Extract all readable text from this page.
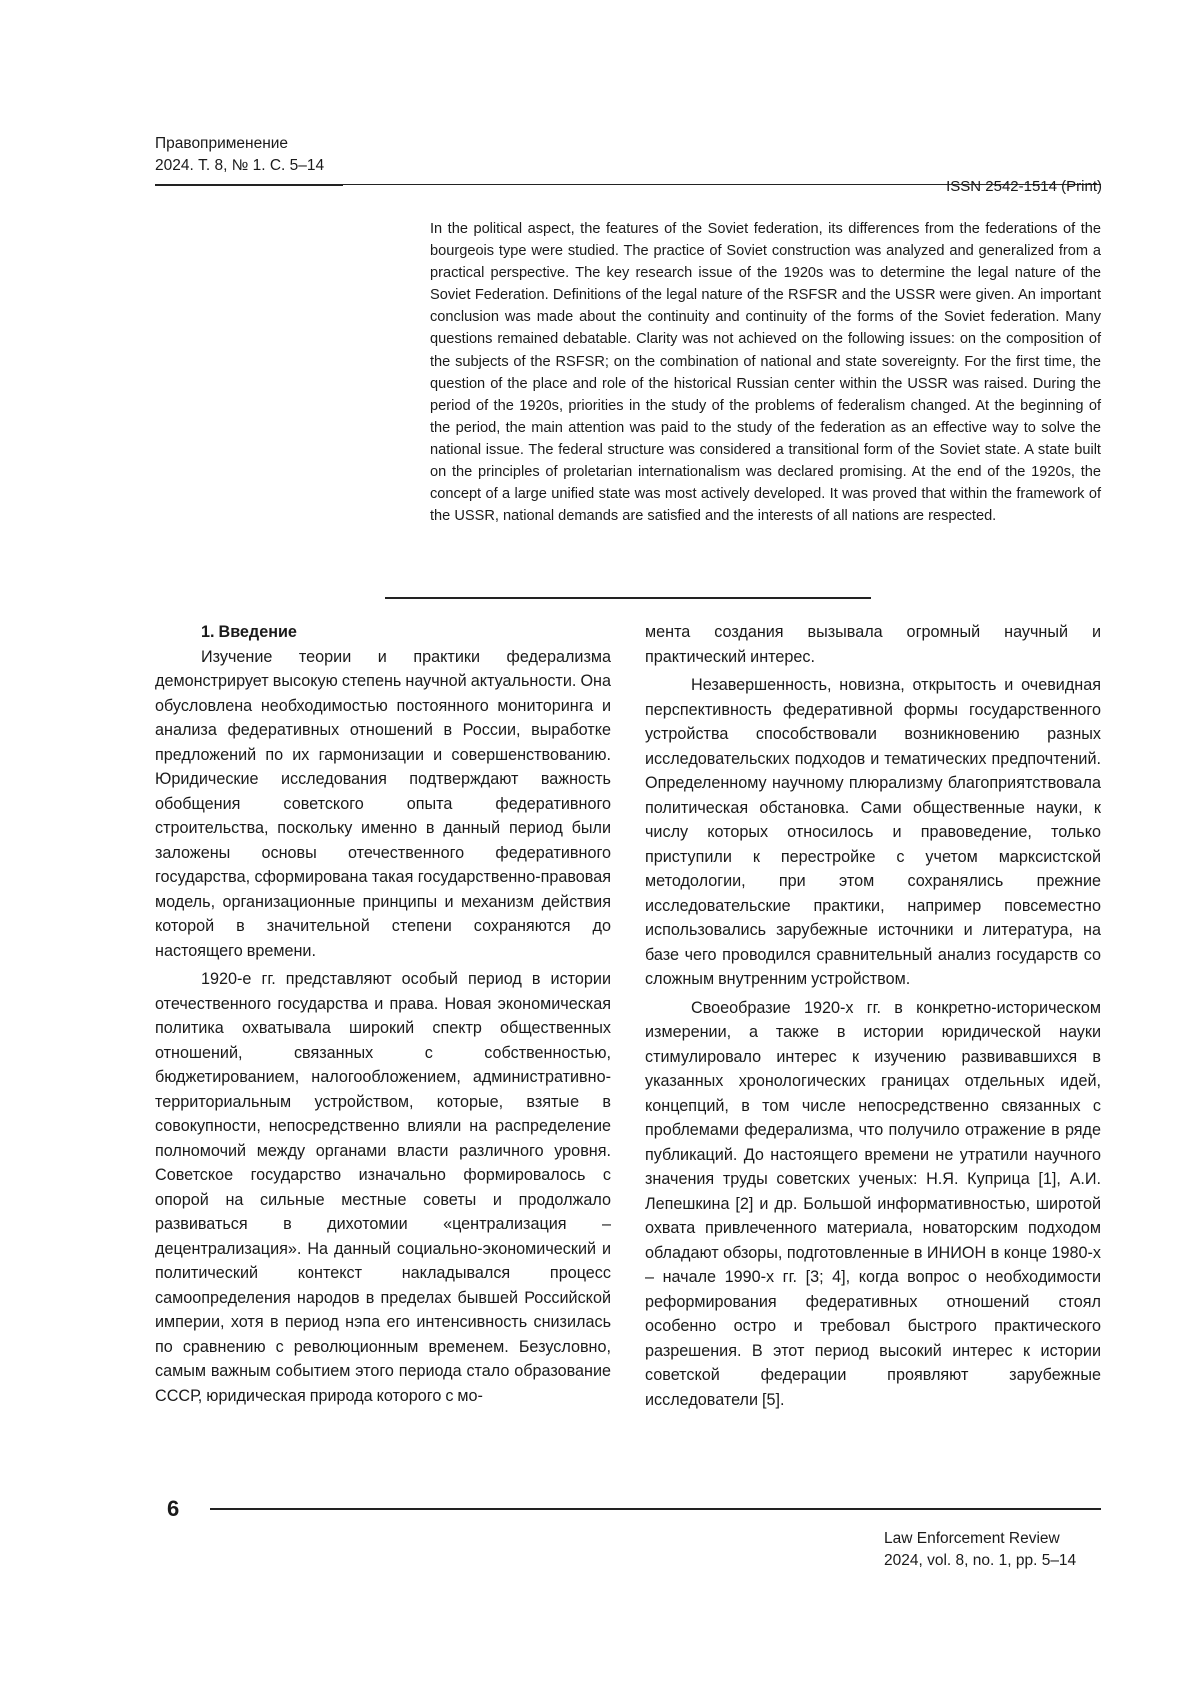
Правоприменение
2024. Т. 8, № 1. С. 5–14
ISSN 2542-1514 (Print)

In the political aspect, the features of the Soviet federation, its differences from the federations of the bourgeois type were studied. The practice of Soviet construction was analyzed and generalized from a practical perspective. The key research issue of the 1920s was to determine the legal nature of the Soviet Federation. Definitions of the legal nature of the RSFSR and the USSR were given. An important conclusion was made about the continuity and continuity of the forms of the Soviet federation. Many questions remained debatable. Clarity was not achieved on the following issues: on the composition of the subjects of the RSFSR; on the combination of national and state sovereignty. For the first time, the question of the place and role of the historical Russian center within the USSR was raised. During the period of the 1920s, priorities in the study of the problems of federalism changed. At the beginning of the period, the main attention was paid to the study of the federation as an effective way to solve the national issue. The federal structure was considered a transitional form of the Soviet state. A state built on the principles of proletarian internationalism was declared promising. At the end of the 1920s, the concept of a large unified state was most actively developed. It was proved that within the framework of the USSR, national demands are satisfied and the interests of all nations are respected.

1. Введение

Изучение теории и практики федерализма демонстрирует высокую степень научной актуальности. Она обусловлена необходимостью постоянного мониторинга и анализа федеративных отношений в России, выработке предложений по их гармонизации и совершенствованию. Юридические исследования подтверждают важность обобщения советского опыта федеративного строительства, поскольку именно в данный период были заложены основы отечественного федеративного государства, сформирована такая государственно-правовая модель, организационные принципы и механизм действия которой в значительной степени сохраняются до настоящего времени.

1920-е гг. представляют особый период в истории отечественного государства и права. Новая экономическая политика охватывала широкий спектр общественных отношений, связанных с собственностью, бюджетированием, налогообложением, административно-территориальным устройством, которые, взятые в совокупности, непосредственно влияли на распределение полномочий между органами власти различного уровня. Советское государство изначально формировалось с опорой на сильные местные советы и продолжало развиваться в дихотомии «централизация – децентрализация». На данный социально-экономический и политический контекст накладывался процесс самоопределения народов в пределах бывшей Российской империи, хотя в период нэпа его интенсивность снизилась по сравнению с революционным временем. Безусловно, самым важным событием этого периода стало образование СССР, юридическая природа которого с мо-

мента создания вызывала огромный научный и практический интерес.

Незавершенность, новизна, открытость и очевидная перспективность федеративной формы государственного устройства способствовали возникновению разных исследовательских подходов и тематических предпочтений. Определенному научному плюрализму благоприятствовала политическая обстановка. Сами общественные науки, к числу которых относилось и правоведение, только приступили к перестройке с учетом марксистской методологии, при этом сохранялись прежние исследовательские практики, например повсеместно использовались зарубежные источники и литература, на базе чего проводился сравнительный анализ государств со сложным внутренним устройством.

Своеобразие 1920-х гг. в конкретно-историческом измерении, а также в истории юридической науки стимулировало интерес к изучению развивавшихся в указанных хронологических границах отдельных идей, концепций, в том числе непосредственно связанных с проблемами федерализма, что получило отражение в ряде публикаций. До настоящего времени не утратили научного значения труды советских ученых: Н.Я. Куприца [1], А.И. Лепешкина [2] и др. Большой информативностью, широтой охвата привлеченного материала, новаторским подходом обладают обзоры, подготовленные в ИНИОН в конце 1980-х – начале 1990-х гг. [3; 4], когда вопрос о необходимости реформирования федеративных отношений стоял особенно остро и требовал быстрого практического разрешения. В этот период высокий интерес к истории советской федерации проявляют зарубежные исследователи [5].

6
Law Enforcement Review
2024, vol. 8, no. 1, pp. 5–14
